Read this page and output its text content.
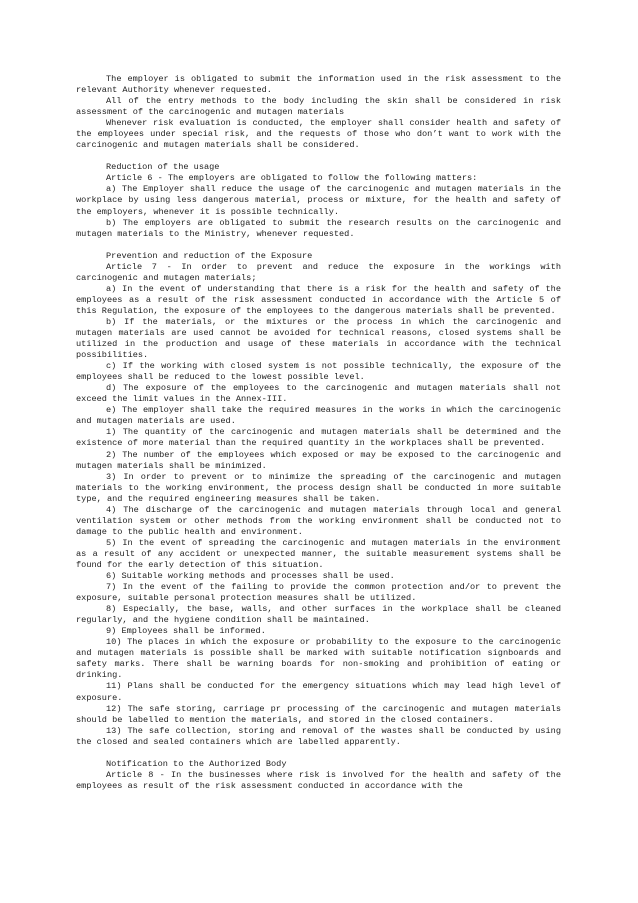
The employer is obligated to submit the information used in the risk assessment to the relevant Authority whenever requested.

All of the entry methods to the body including the skin shall be considered in risk assessment of the carcinogenic and mutagen materials

Whenever risk evaluation is conducted, the employer shall consider health and safety of the employees under special risk, and the requests of those who don’t want to work with the carcinogenic and mutagen materials shall be considered.

Reduction of the usage

Article 6 - The employers are obligated to follow the following matters:

a) The Employer shall reduce the usage of the carcinogenic and mutagen materials in the workplace by using less dangerous material, process or mixture, for the health and safety of the employers, whenever it is possible technically.

b) The employers are obligated to submit the research results on the carcinogenic and mutagen materials to the Ministry, whenever requested.

Prevention and reduction of the Exposure

Article 7 - In order to prevent and reduce the exposure in the workings with carcinogenic and mutagen materials;

a) In the event of understanding that there is a risk for the health and safety of the employees as a result of the risk assessment conducted in accordance with the Article 5 of this Regulation, the exposure of the employees to the dangerous materials shall be prevented.

b) If the materials, or the mixtures or the process in which the carcinogenic and mutagen materials are used cannot be avoided for technical reasons, closed systems shall be utilized in the production and usage of these materials in accordance with the technical possibilities.

c) If the working with closed system is not possible technically, the exposure of the employees shall be reduced to the lowest possible level.

d) The exposure of the employees to the carcinogenic and mutagen materials shall not exceed the limit values in the Annex-III.

e) The employer shall take the required measures in the works in which the carcinogenic and mutagen materials are used.

1) The quantity of the carcinogenic and mutagen materials shall be determined and the existence of more material than the required quantity in the workplaces shall be prevented.

2) The number of the employees which exposed or may be exposed to the carcinogenic and mutagen materials shall be minimized.

3) In order to prevent or to minimize the spreading of the carcinogenic and mutagen materials to the working environment, the process design shall be conducted in more suitable type, and the required engineering measures shall be taken.

4) The discharge of the carcinogenic and mutagen materials through local and general ventilation system or other methods from the working environment shall be conducted not to damage to the public health and environment.

5) In the event of spreading the carcinogenic and mutagen materials in the environment as a result of any accident or unexpected manner, the suitable measurement systems shall be found for the early detection of this situation.

6) Suitable working methods and processes shall be used.

7) In the event of the failing to provide the common protection and/or to prevent the exposure, suitable personal protection measures shall be utilized.

8) Especially, the base, walls, and other surfaces in the workplace shall be cleaned regularly, and the hygiene condition shall be maintained.

9) Employees shall be informed.

10) The places in which the exposure or probability to the exposure to the carcinogenic and mutagen materials is possible shall be marked with suitable notification signboards and safety marks. There shall be warning boards for non-smoking and prohibition of eating or drinking.

11) Plans shall be conducted for the emergency situations which may lead high level of exposure.

12) The safe storing, carriage pr processing of the carcinogenic and mutagen materials should be labelled to mention the materials, and stored in the closed containers.

13) The safe collection, storing and removal of the wastes shall be conducted by using the closed and sealed containers which are labelled apparently.

Notification to the Authorized Body

Article 8 - In the businesses where risk is involved for the health and safety of the employees as result of the risk assessment conducted in accordance with the
